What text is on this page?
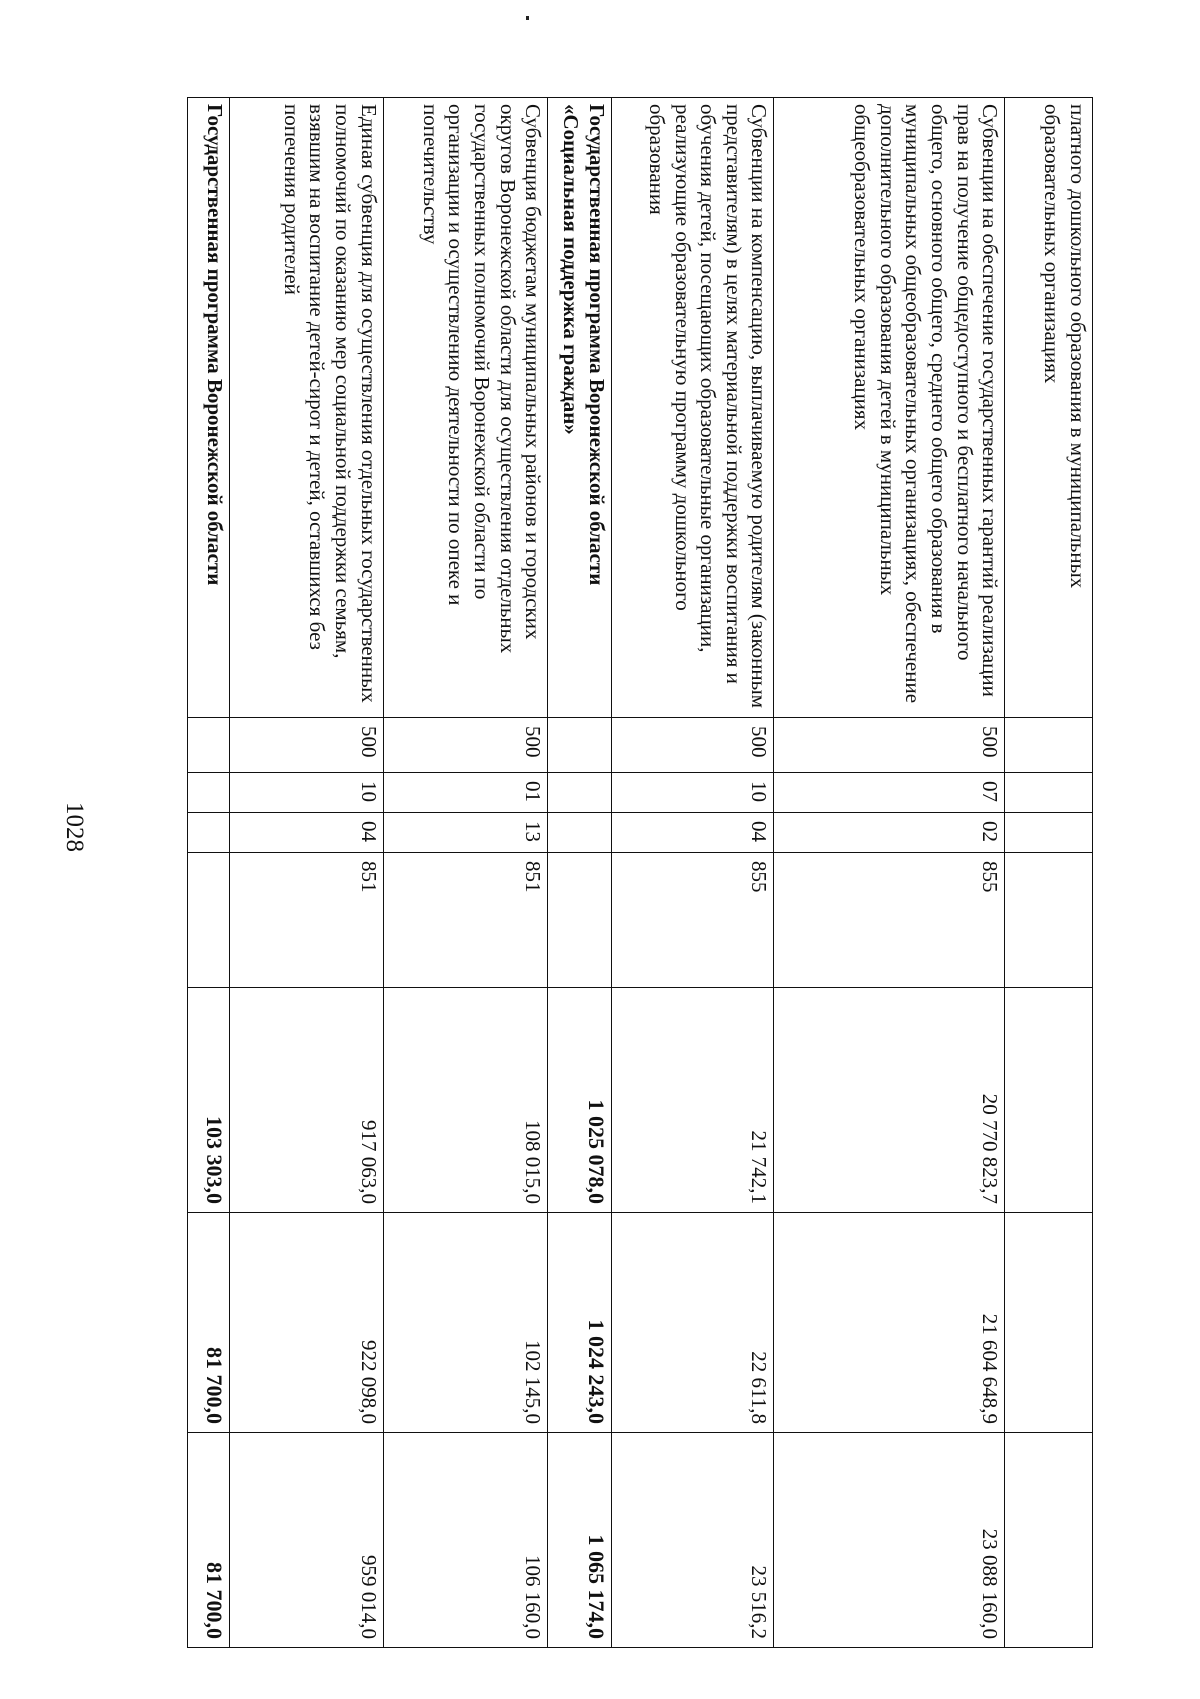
1028
платного дошкольного образования в муниципальных образовательных организациях							
Субвенции на обеспечение государственных гарантий реализации прав на получение общедоступного и бесплатного начального общего, основного общего, среднего общего образования в муниципальных общеобразовательных организациях, обеспечение дополнительного образования детей в муниципальных общеобразовательных организациях	500	07	02	855	20 770 823,7	21 604 648,9	23 088 160,0
Субвенции на компенсацию, выплачиваемую родителям (законным представителям) в целях материальной поддержки воспитания и обучения детей, посещающих образовательные организации, реализующие образовательную программу дошкольного образования	500	10	04	855	21 742,1	22 611,8	23 516,2
Государственная программа Воронежской области «Социальная поддержка граждан»					1 025 078,0	1 024 243,0	1 065 174,0
Субвенция бюджетам муниципальных районов и городских округов Воронежской области для осуществления отдельных государственных полномочий Воронежской области по организации и осуществлению деятельности по опеке и попечительству	500	01	13	851	108 015,0	102 145,0	106 160,0
Единая субвенция для осуществления отдельных государственных полномочий по оказанию мер социальной поддержки семьям, взявшим на воспитание детей-сирот и детей, оставшихся без попечения родителей	500	10	04	851	917 063,0	922 098,0	959 014,0
Государственная программа Воронежской области					103 303,0	81 700,0	81 700,0
